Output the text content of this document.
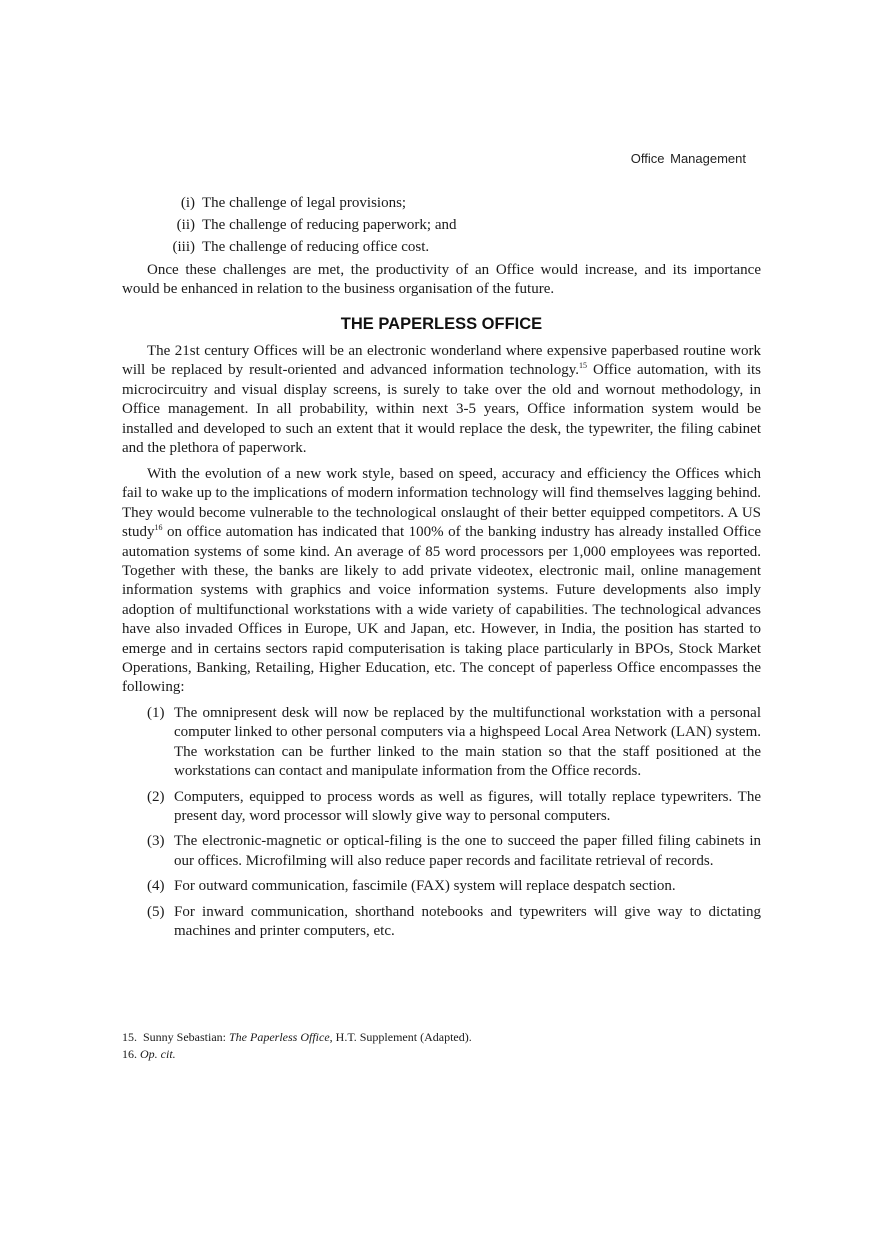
Office Management
(i) The challenge of legal provisions;
(ii) The challenge of reducing paperwork; and
(iii) The challenge of reducing office cost.

Once these challenges are met, the productivity of an Office would increase, and its importance would be enhanced in relation to the business organisation of the future.

THE PAPERLESS OFFICE

The 21st century Offices will be an electronic wonderland where expensive paperbased routine work will be replaced by result-oriented and advanced information technology.$^{15}$ Office automation, with its microcircuitry and visual display screens, is surely to take over the old and wornout methodology, in Office management. In all probability, within next 3-5 years, Office information system would be installed and developed to such an extent that it would replace the desk, the typewriter, the filing cabinet and the plethora of paperwork.

With the evolution of a new work style, based on speed, accuracy and efficiency the Offices which fail to wake up to the implications of modern information technology will find themselves lagging behind. They would become vulnerable to the technological onslaught of their better equipped competitors. A US study$^{16}$ on office automation has indicated that 100% of the banking industry has already installed Office automation systems of some kind. An average of 85 word processors per 1,000 employees was reported. Together with these, the banks are likely to add private videotex, electronic mail, online management information systems with graphics and voice information systems. Future developments also imply adoption of multifunctional workstations with a wide variety of capabilities. The technological advances have also invaded Offices in Europe, UK and Japan, etc. However, in India, the position has started to emerge and in certains sectors rapid computerisation is taking place particularly in BPOs, Stock Market Operations, Banking, Retailing, Higher Education, etc. The concept of paperless Office encompasses the following:

(1) The omnipresent desk will now be replaced by the multifunctional workstation with a personal computer linked to other personal computers via a highspeed Local Area Network (LAN) system. The workstation can be further linked to the main station so that the staff positioned at the workstations can contact and manipulate information from the Office records.
(2) Computers, equipped to process words as well as figures, will totally replace typewriters. The present day, word processor will slowly give way to personal computers.
(3) The electronic-magnetic or optical-filing is the one to succeed the paper filled filing cabinets in our offices. Microfilming will also reduce paper records and facilitate retrieval of records.
(4) For outward communication, fascimile (FAX) system will replace despatch section.
(5) For inward communication, shorthand notebooks and typewriters will give way to dictating machines and printer computers, etc.
15. Sunny Sebastian: The Paperless Office, H.T. Supplement (Adapted).
16. Op. cit.
